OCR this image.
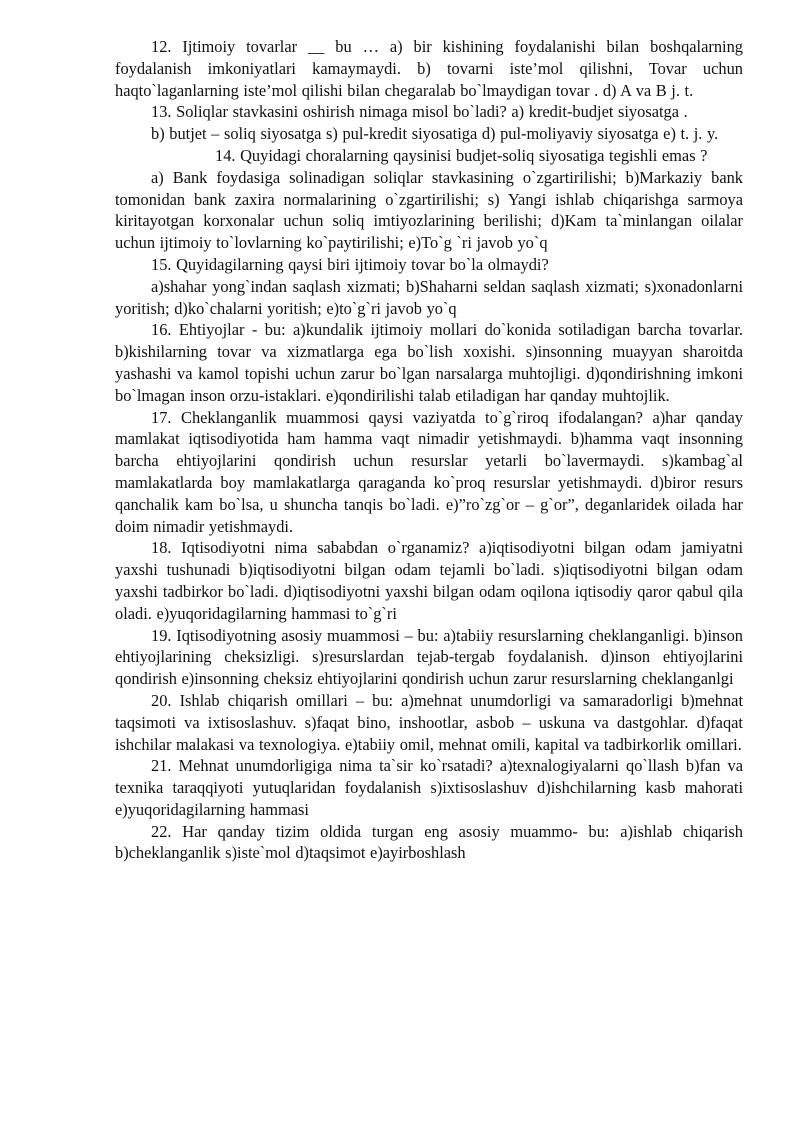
12. Ijtimoiy tovarlar __ bu … a) bir kishining foydalanishi bilan boshqalarning foydalanish imkoniyatlari kamaymaydi. b) tovarni iste’mol qilishni, Tovar uchun haqto`laganlarning iste’mol qilishi bilan chegaralab bo`lmaydigan tovar . d) A va B j. t.

13. Soliqlar stavkasini oshirish nimaga misol bo`ladi? a) kredit-budjet siyosatga .

b) butjet – soliq siyosatga s) pul-kredit siyosatiga d) pul-moliyaviy siyosatga e) t. j. y.

14. Quyidagi choralarning qaysinisi budjet-soliq siyosatiga tegishli emas ?

a) Bank foydasiga solinadigan soliqlar stavkasining o`zgartirilishi; b)Markaziy bank tomonidan bank zaxira normalarining o`zgartirilishi; s) Yangi ishlab chiqarishga sarmoya kiritayotgan korxonalar uchun soliq imtiyozlarining berilishi; d)Kam ta`minlangan oilalar uchun ijtimoiy to`lovlarning ko`paytirilishi; e)To`g `ri javob yo`q

15. Quyidagilarning qaysi biri ijtimoiy tovar bo`la olmaydi?

a)shahar yong`indan saqlash xizmati; b)Shaharni seldan saqlash xizmati; s)xonadonlarni yoritish; d)ko`chalarni yoritish; e)to`g`ri javob yo`q

16. Ehtiyojlar - bu: a)kundalik ijtimoiy mollari do`konida sotiladigan barcha tovarlar. b)kishilarning tovar va xizmatlarga ega bo`lish xoxishi. s)insonning muayyan sharoitda yashashi va kamol topishi uchun zarur bo`lgan narsalarga muhtojligi. d)qondirishning imkoni bo`lmagan inson orzu-istaklari. e)qondirilishi talab etiladigan har qanday muhtojlik.

17. Cheklanganlik muammosi qaysi vaziyatda to`g`riroq ifodalangan? a)har qanday mamlakat iqtisodiyotida ham hamma vaqt nimadir yetishmaydi. b)hamma vaqt insonning barcha ehtiyojlarini qondirish uchun resurslar yetarli bo`lavermaydi. s)kambag`al mamlakatlarda boy mamlakatlarga qaraganda ko`proq resurslar yetishmaydi. d)biror resurs qanchalik kam bo`lsa, u shuncha tanqis bo`ladi. e)”ro`zg`or – g`or”, deganlaridek oilada har doim nimadir yetishmaydi.

18. Iqtisodiyotni nima sababdan o`rganamiz? a)iqtisodiyotni bilgan odam jamiyatni yaxshi tushunadi b)iqtisodiyotni bilgan odam tejamli bo`ladi. s)iqtisodiyotni bilgan odam yaxshi tadbirkor bo`ladi. d)iqtisodiyotni yaxshi bilgan odam oqilona iqtisodiy qaror qabul qila oladi. e)yuqoridagilarning hammasi to`g`ri

19. Iqtisodiyotning asosiy muammosi – bu: a)tabiiy resurslarning cheklanganligi. b)inson ehtiyojlarining cheksizligi. s)resurslardan tejab-tergab foydalanish. d)inson ehtiyojlarini qondirish e)insonning cheksiz ehtiyojlarini qondirish uchun zarur resurslarning cheklanganlgi

20. Ishlab chiqarish omillari – bu: a)mehnat unumdorligi va samaradorligi b)mehnat taqsimoti va ixtisoslashuv. s)faqat bino, inshootlar, asbob – uskuna va dastgohlar. d)faqat ishchilar malakasi va texnologiya. e)tabiiy omil, mehnat omili, kapital va tadbirkorlik omillari.

21. Mehnat unumdorligiga nima ta`sir ko`rsatadi? a)texnalogiyalarni qo`llash b)fan va texnika taraqqiyoti yutuqlaridan foydalanish s)ixtisoslashuv d)ishchilarning kasb mahorati e)yuqoridagilarning hammasi

22. Har qanday tizim oldida turgan eng asosiy muammo- bu: a)ishlab chiqarish b)cheklanganlik s)iste`mol d)taqsimot e)ayirboshlash
